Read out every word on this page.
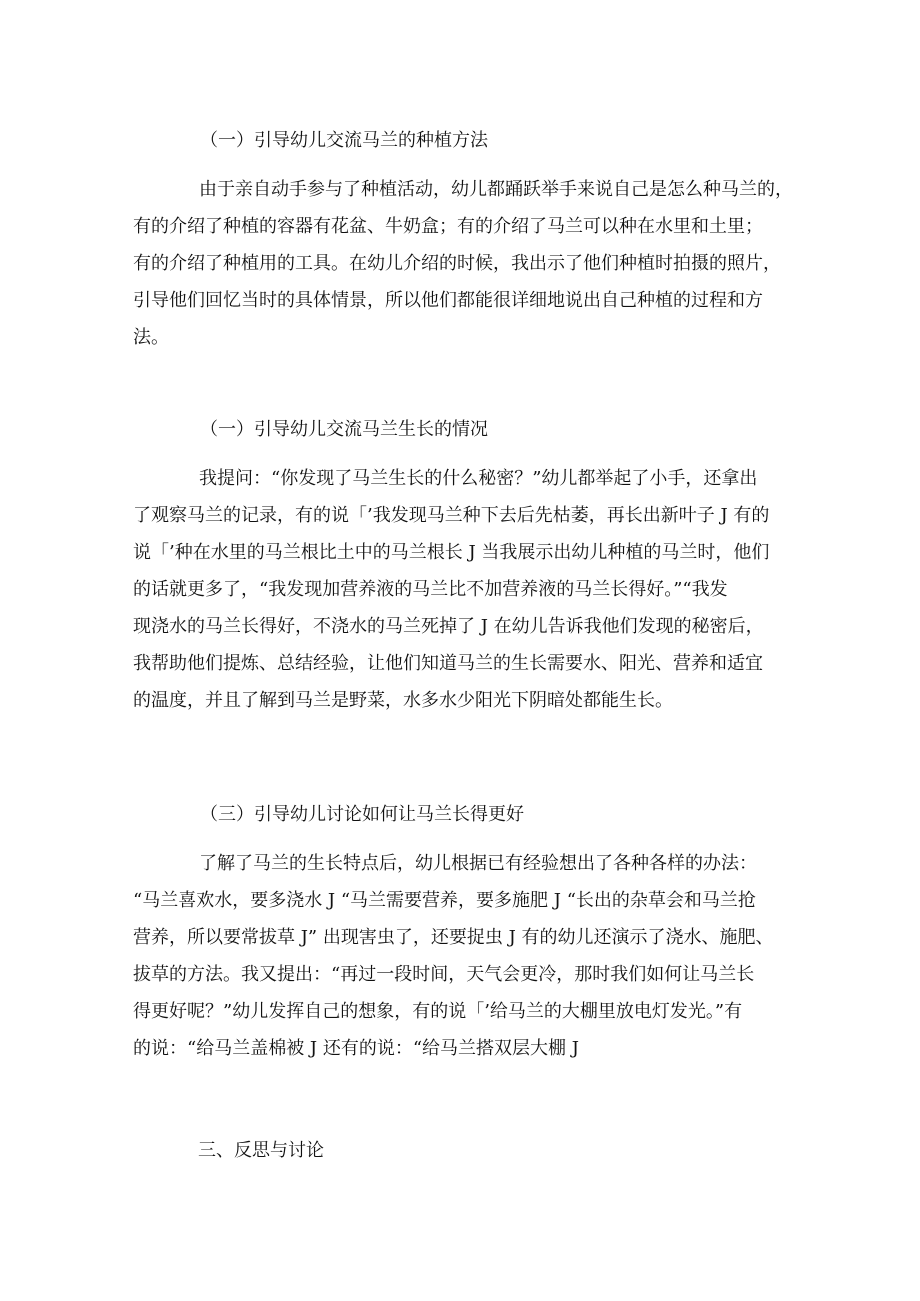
（一）引导幼儿交流马兰的种植方法
由于亲自动手参与了种植活动，幼儿都踊跃举手来说自己是怎么种马兰的，
有的介绍了种植的容器有花盆、牛奶盒；有的介绍了马兰可以种在水里和土里；
有的介绍了种植用的工具。在幼儿介绍的时候，我出示了他们种植时拍摄的照片，
引导他们回忆当时的具体情景，所以他们都能很详细地说出自己种植的过程和方
法。
（一）引导幼儿交流马兰生长的情况
我提问：“你发现了马兰生长的什么秘密？”幼儿都举起了小手，还拿出
了观察马兰的记录，有的说「’我发现马兰种下去后先枯萎，再长出新叶子 J 有的
说「’种在水里的马兰根比土中的马兰根长 J 当我展示出幼儿种植的马兰时，他们
的话就更多了，“我发现加营养液的马兰比不加营养液的马兰长得好。”“我发
现浇水的马兰长得好，不浇水的马兰死掉了 J 在幼儿告诉我他们发现的秘密后，
我帮助他们提炼、总结经验，让他们知道马兰的生长需要水、阳光、营养和适宜
的温度，并且了解到马兰是野菜，水多水少阳光下阴暗处都能生长。
（三）引导幼儿讨论如何让马兰长得更好
了解了马兰的生长特点后，幼儿根据已有经验想出了各种各样的办法：
“马兰喜欢水，要多浇水 J “马兰需要营养，要多施肥 J “长出的杂草会和马兰抢
营养，所以要常拔草 J” 出现害虫了，还要捉虫 J 有的幼儿还演示了浇水、施肥、
拔草的方法。我又提出：“再过一段时间，天气会更冷，那时我们如何让马兰长
得更好呢？”幼儿发挥自己的想象，有的说「’给马兰的大棚里放电灯发光。”有
的说：“给马兰盖棉被 J 还有的说：“给马兰搭双层大棚 J
三、反思与讨论
